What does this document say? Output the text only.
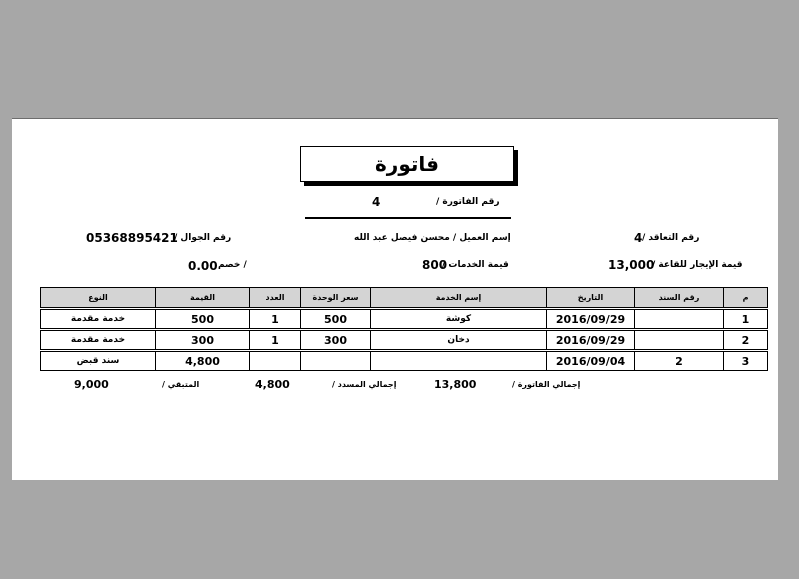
فاتورة
رقم الفاتورة /
4
رقم التعاقد /
4
إسم العميل / محسن فيصل عبد الله
رقم الجوال /
05368895421
قيمة الإيجار للقاعة /
13,000
قيمة الخدمات /
800
/ خصم
0.00
م	رقم السند	التاريخ	إسم الخدمة	سعر الوحدة	العدد	القيمة	النوع

1		2016/09/29	كوشة	500	1	500	خدمة مقدمة

2		2016/09/29	دخان	300	1	300	خدمة مقدمة

3	2	2016/09/04				4,800	سند قبض
إجمالي الفاتورة /
13,800
إجمالي المسدد /
4,800
المتبقي /
9,000
